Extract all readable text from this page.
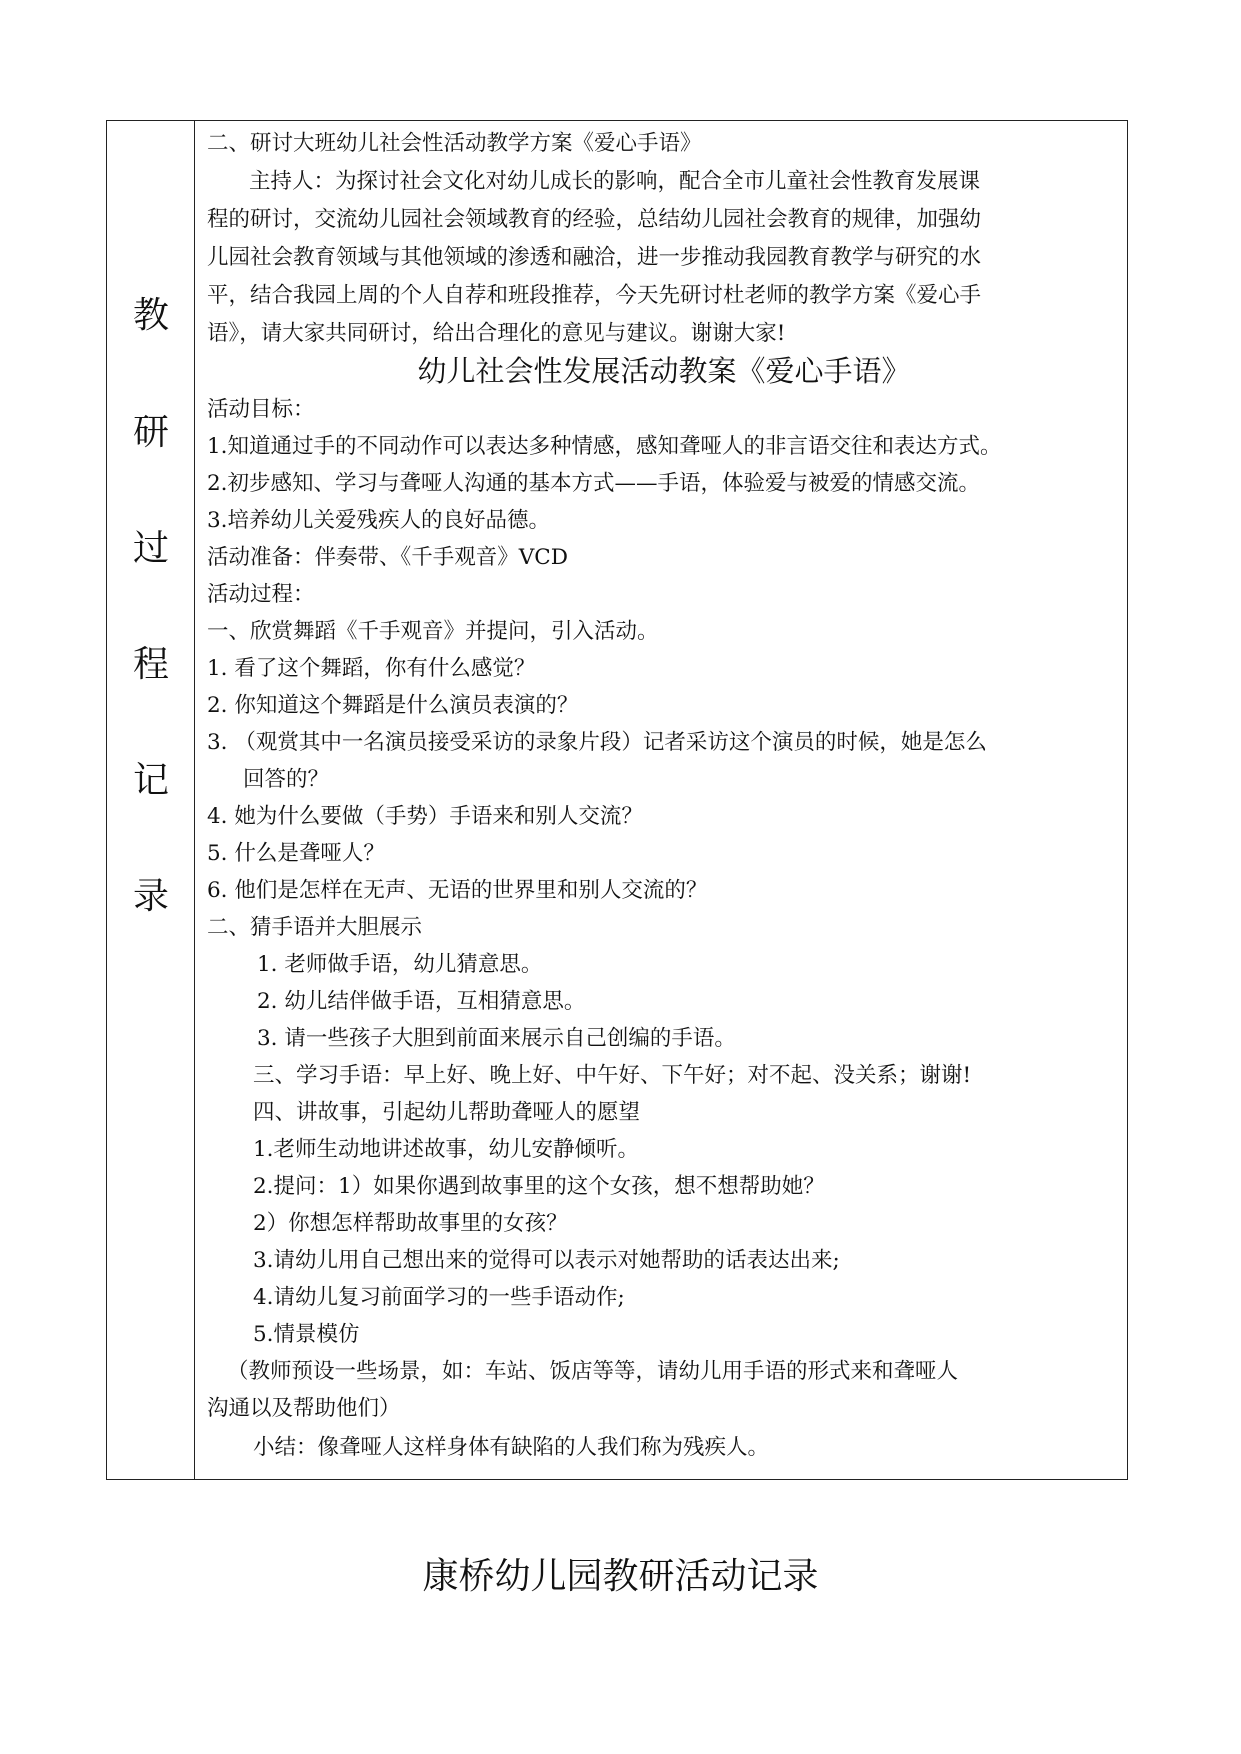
教
研
过
程
记
录
二、研讨大班幼儿社会性活动教学方案《爱心手语》
主持人：为探讨社会文化对幼儿成长的影响，配合全市儿童社会性教育发展课
程的研讨，交流幼儿园社会领域教育的经验，总结幼儿园社会教育的规律，加强幼
儿园社会教育领域与其他领域的渗透和融洽，进一步推动我园教育教学与研究的水
平，结合我园上周的个人自荐和班段推荐，今天先研讨杜老师的教学方案《爱心手
语》，请大家共同研讨，给出合理化的意见与建议。谢谢大家!
幼儿社会性发展活动教案《爱心手语》
活动目标：
1.知道通过手的不同动作可以表达多种情感，感知聋哑人的非言语交往和表达方式。
2.初步感知、学习与聋哑人沟通的基本方式——手语，体验爱与被爱的情感交流。
3.培养幼儿关爱残疾人的良好品德。
活动准备：伴奏带、《千手观音》VCD
活动过程：
一、欣赏舞蹈《千手观音》并提问，引入活动。
1. 看了这个舞蹈，你有什么感觉？
2. 你知道这个舞蹈是什么演员表演的？
3. （观赏其中一名演员接受采访的录象片段）记者采访这个演员的时候，她是怎么
回答的？
4. 她为什么要做（手势）手语来和别人交流？
5. 什么是聋哑人？
6. 他们是怎样在无声、无语的世界里和别人交流的？
二、猜手语并大胆展示
1. 老师做手语，幼儿猜意思。
2. 幼儿结伴做手语，互相猜意思。
3. 请一些孩子大胆到前面来展示自己创编的手语。
三、学习手语：早上好、晚上好、中午好、下午好；对不起、没关系；谢谢!
四、讲故事，引起幼儿帮助聋哑人的愿望
1.老师生动地讲述故事，幼儿安静倾听。
2.提问：1）如果你遇到故事里的这个女孩，想不想帮助她？
2）你想怎样帮助故事里的女孩？
3.请幼儿用自己想出来的觉得可以表示对她帮助的话表达出来;
4.请幼儿复习前面学习的一些手语动作;
5.情景模仿
（教师预设一些场景，如：车站、饭店等等，请幼儿用手语的形式来和聋哑人
沟通以及帮助他们）
小结：像聋哑人这样身体有缺陷的人我们称为残疾人。
康桥幼儿园教研活动记录
